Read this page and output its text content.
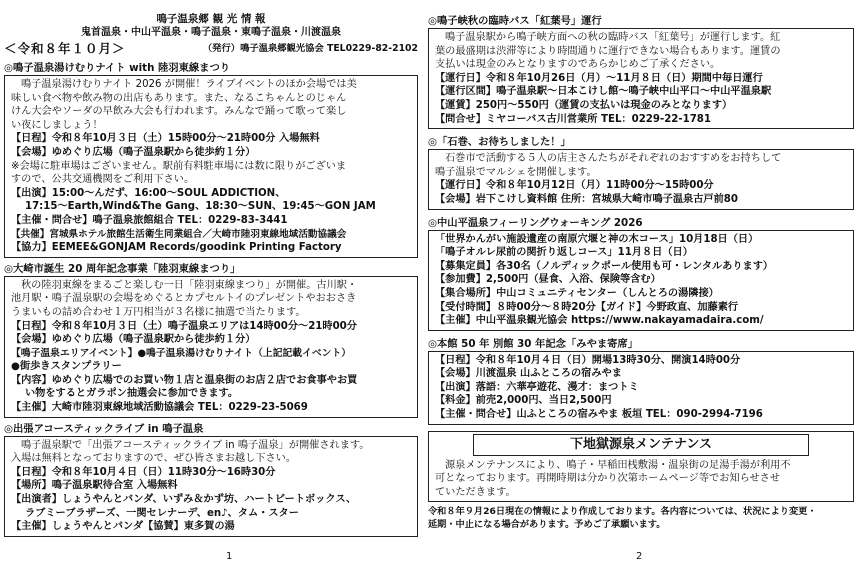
鳴子温泉郷 観 光 情 報
鬼首温泉・中山平温泉・鳴子温泉・東鳴子温泉・川渡温泉
＜令和８年１０月＞	（発行）鳴子温泉郷観光協会 TEL0229-82-2102
◎鳴子温泉湯けむりナイト with 陸羽東線まつり
鳴子温泉湯けむりナイト 2026 が開催！ライブイベントのほか会場では美
味しい食べ物や飲み物の出店もあります。また、なるこちゃんとのじゃん
けん大会やソーダの早飲み大会も行われます。みんなで踊って歌って楽し
い夜にしましょう！
【日程】令和８年10月３日（土）15時00分～21時00分 入場無料
【会場】ゆめぐり広場（鳴子温泉駅から徒歩約１分）
※会場に駐車場はございません。駅前有料駐車場には数に限りがございま
すので、公共交通機関をご利用下さい。
【出演】15:00～んだず、16:00～SOUL ADDICTION、
17:15～Earth,Wind&The Gang、18:30～SUN、19:45～GON JAM
【主催・問合せ】鳴子温泉旅館組合 TEL：0229-83-3441
【共催】宮城県ホテル旅館生活衛生同業組合／大崎市陸羽東線地域活動協議会
【協力】EEMEE&GONJAM Records/goodink Printing Factory
◎大崎市誕生 20 周年記念事業「陸羽東線まつり」
秋の陸羽東線をまるごと楽しむ一日「陸羽東線まつり」が開催。古川駅・
池月駅・鳴子温泉駅の会場をめぐるとカプセルトイのプレゼントやおおさき
うまいもの詰め合わせ１万円相当が３名様に抽選で当たります。
【日程】令和８年10月３日（土）鳴子温泉エリアは14時00分～21時00分
【会場】ゆめぐり広場（鳴子温泉駅から徒歩約１分）
【鳴子温泉エリアイベント】●鳴子温泉湯けむりナイト（上記記載イベント）
●街歩きスタンプラリー
【内容】ゆめぐり広場でのお買い物１店と温泉街のお店２店でお食事やお買
い物をするとガラポン抽選会に参加できます。
【主催】大崎市陸羽東線地域活動協議会 TEL：0229-23-5069
◎出張アコースティックライブ in 鳴子温泉
鳴子温泉駅で「出張アコースティックライブ in 鳴子温泉」が開催されます。
入場は無料となっておりますので、ぜひ皆さまお越し下さい。
【日程】令和８年10月４日（日）11時30分～16時30分
【場所】鳴子温泉駅待合室 入場無料
【出演者】しょうやんとバンダ、いずみ＆かず坊、ハートビートボックス、
ラブミーブラザーズ、一関セレナーデ、en♪、タム・スター
【主催】しょうやんとバンダ【協賛】東多賀の湯
1
◎鳴子峡秋の臨時バス「紅葉号」運行
鳴子温泉駅から鳴子峡方面への秋の臨時バス「紅葉号」が運行します。紅
葉の最盛期は渋滞等により時間通りに運行できない場合もあります。運賃の
支払いは現金のみとなりますのであらかじめご了承ください。
【運行日】令和８年10月26日（月）～11月８日（日）期間中毎日運行
【運行区間】鳴子温泉駅～日本こけし館～鳴子峡中山平口～中山平温泉駅
【運賃】250円～550円（運賃の支払いは現金のみとなります）
【問合せ】ミヤコーバス古川営業所 TEL：0229-22-1781
◎「石巻、お待ちしました！」
石巻市で活動する５人の店主さんたちがそれぞれのおすすめをお持ちして
鳴子温泉でマルシェを開催します。
【運行日】令和８年10月12日（月）11時00分～15時00分
【会場】岩下こけし資料館 住所：宮城県大崎市鳴子温泉古戸前80
◎中山平温泉フィーリングウォーキング 2026
「世界かんがい施設遺産の南原穴堰と神の木コース」10月18日（日）
「鳴子オルレ尿前の関折り返しコース」11月８日（日）
【募集定員】各30名（ノルディックポール使用も可・レンタルあります）
【参加費】2,500円（昼食、入浴、保険等含む）
【集合場所】中山コミュニティセンター（しんとろの湯隣接）
【受付時間】８時00分～８時20分【ガイド】今野政直、加藤素行
【主催】中山平温泉観光協会 https://www.nakayamadaira.com/
◎本館 50 年 別館 30 年記念「みやま寄席」
【日程】令和８年10月４日（日）開場13時30分、開演14時00分
【会場】川渡温泉 山ふところの宿みやま
【出演】落語：六華亭遊花、漫才：まつトミ
【料金】前売2,000円、当日2,500円
【主催・問合せ】山ふところの宿みやま 板垣 TEL：090-2994-7196
下地獄源泉メンテナンス
源泉メンテナンスにより、鳴子・早稲田桟敷湯・温泉街の足湯手湯が利用不
可となっております。再開時期は分かり次第ホームページ等でお知らせさせ
ていただきます。
令和８年９月26日現在の情報により作成しております。各内容については、状況により変更・
延期・中止になる場合があります。予めご了承願います。
2
